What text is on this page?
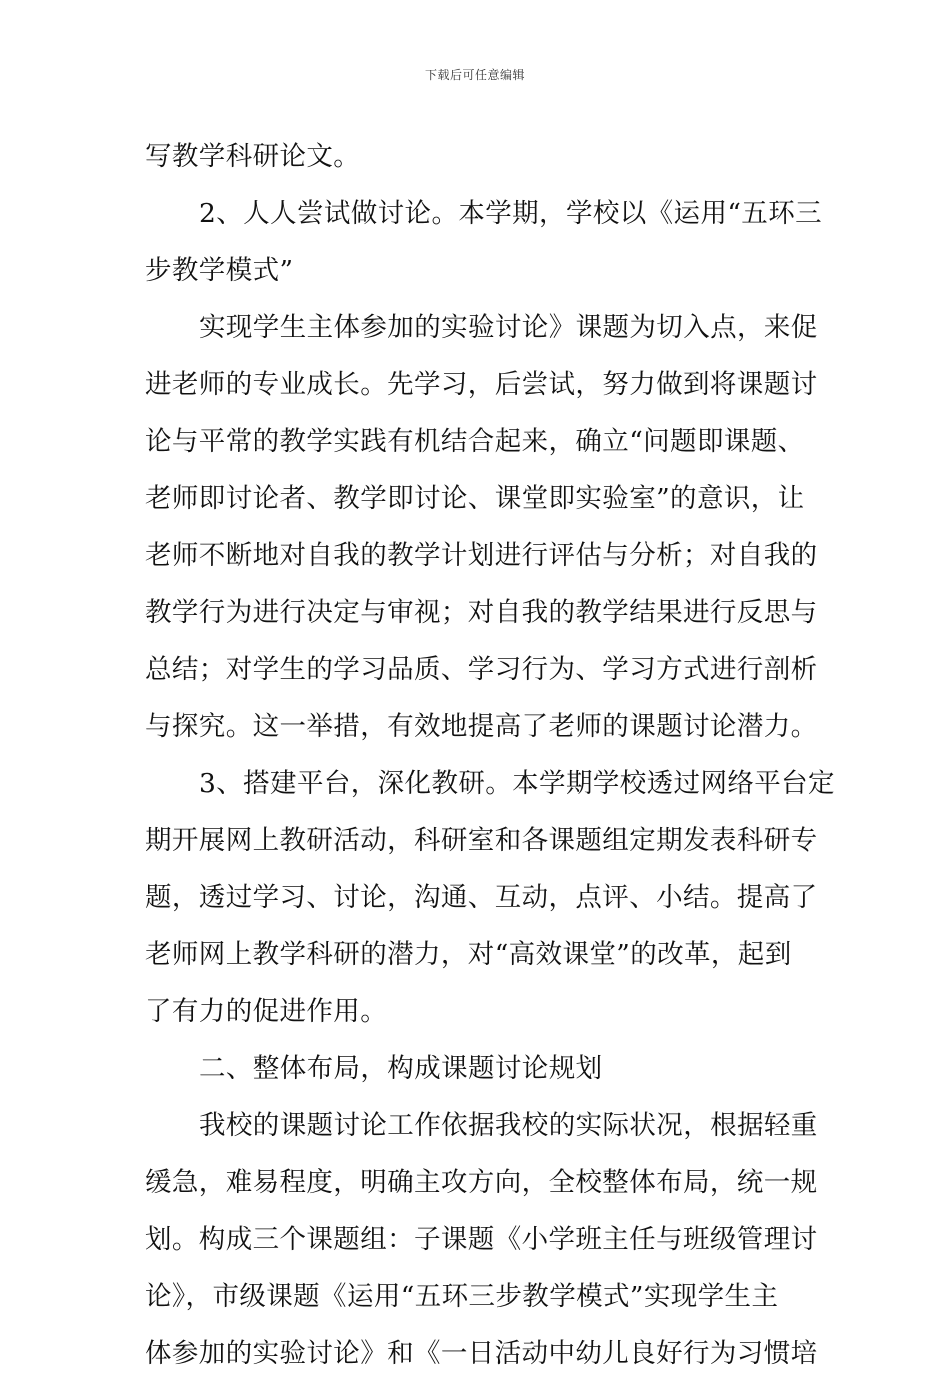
下载后可任意编辑
写教学科研论文。
2、人人尝试做讨论。本学期，学校以《运用“五环三
步教学模式”
实现学生主体参加的实验讨论》课题为切入点，来促
进老师的专业成长。先学习，后尝试，努力做到将课题讨
论与平常的教学实践有机结合起来，确立“问题即课题、
老师即讨论者、教学即讨论、课堂即实验室”的意识，让
老师不断地对自我的教学计划进行评估与分析；对自我的
教学行为进行决定与审视；对自我的教学结果进行反思与
总结；对学生的学习品质、学习行为、学习方式进行剖析
与探究。这一举措，有效地提高了老师的课题讨论潜力。
3、搭建平台，深化教研。本学期学校透过网络平台定
期开展网上教研活动，科研室和各课题组定期发表科研专
题，透过学习、讨论，沟通、互动，点评、小结。提高了
老师网上教学科研的潜力，对“高效课堂”的改革，起到
了有力的促进作用。
二、整体布局，构成课题讨论规划
我校的课题讨论工作依据我校的实际状况，根据轻重
缓急，难易程度，明确主攻方向，全校整体布局，统一规
划。构成三个课题组：子课题《小学班主任与班级管理讨
论》，市级课题《运用“五环三步教学模式”实现学生主
体参加的实验讨论》和《一日活动中幼儿良好行为习惯培
